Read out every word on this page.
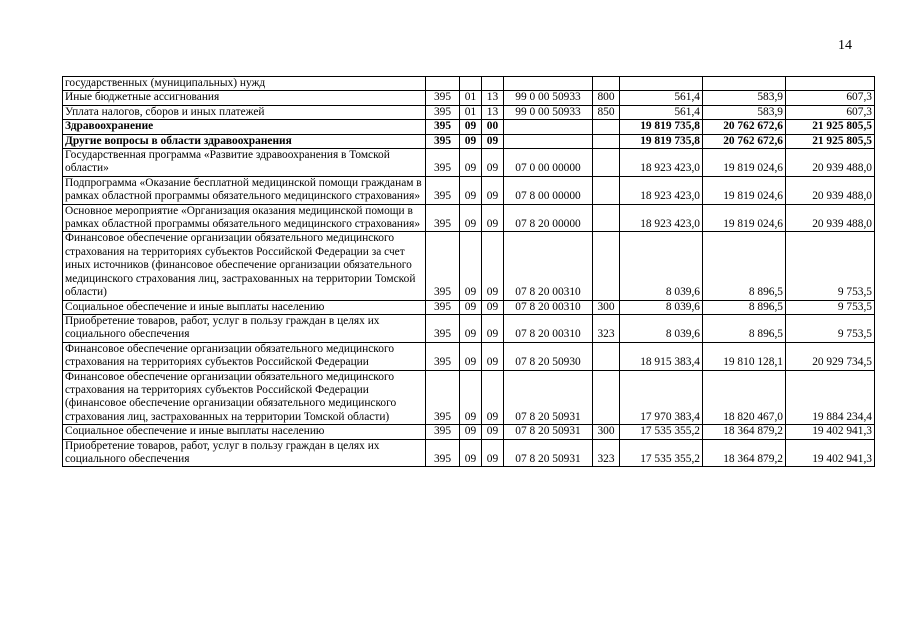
14
государственных (муниципальных) нужд								
Иные бюджетные ассигнования	395	01	13	99 0 00 50933	800	561,4	583,9	607,3
Уплата налогов, сборов и иных платежей	395	01	13	99 0 00 50933	850	561,4	583,9	607,3
Здравоохранение	395	09	00			19 819 735,8	20 762 672,6	21 925 805,5
Другие вопросы в области здравоохранения	395	09	09			19 819 735,8	20 762 672,6	21 925 805,5
Государственная программа «Развитие здравоохранения в Томской области»	395	09	09	07 0 00 00000		18 923 423,0	19 819 024,6	20 939 488,0
Подпрограмма «Оказание бесплатной медицинской помощи гражданам в рамках областной программы обязательного медицинского страхования»	395	09	09	07 8 00 00000		18 923 423,0	19 819 024,6	20 939 488,0
Основное мероприятие «Организация оказания медицинской помощи в рамках областной программы обязательного медицинского страхования»	395	09	09	07 8 20 00000		18 923 423,0	19 819 024,6	20 939 488,0
Финансовое обеспечение организации обязательного медицинского страхования на территориях субъектов Российской Федерации за счет иных источников (финансовое обеспечение организации обязательного медицинского страхования лиц, застрахованных на территории Томской области)	395	09	09	07 8 20 00310		8 039,6	8 896,5	9 753,5
Социальное обеспечение и иные выплаты населению	395	09	09	07 8 20 00310	300	8 039,6	8 896,5	9 753,5
Приобретение товаров, работ, услуг в пользу граждан в целях их социального обеспечения	395	09	09	07 8 20 00310	323	8 039,6	8 896,5	9 753,5
Финансовое обеспечение организации обязательного медицинского страхования на территориях субъектов Российской Федерации	395	09	09	07 8 20 50930		18 915 383,4	19 810 128,1	20 929 734,5
Финансовое обеспечение организации обязательного медицинского страхования на территориях субъектов Российской Федерации (финансовое обеспечение организации обязательного медицинского страхования лиц, застрахованных на территории Томской области)	395	09	09	07 8 20 50931		17 970 383,4	18 820 467,0	19 884 234,4
Социальное обеспечение и иные выплаты населению	395	09	09	07 8 20 50931	300	17 535 355,2	18 364 879,2	19 402 941,3
Приобретение товаров, работ, услуг в пользу граждан в целях их социального обеспечения	395	09	09	07 8 20 50931	323	17 535 355,2	18 364 879,2	19 402 941,3
